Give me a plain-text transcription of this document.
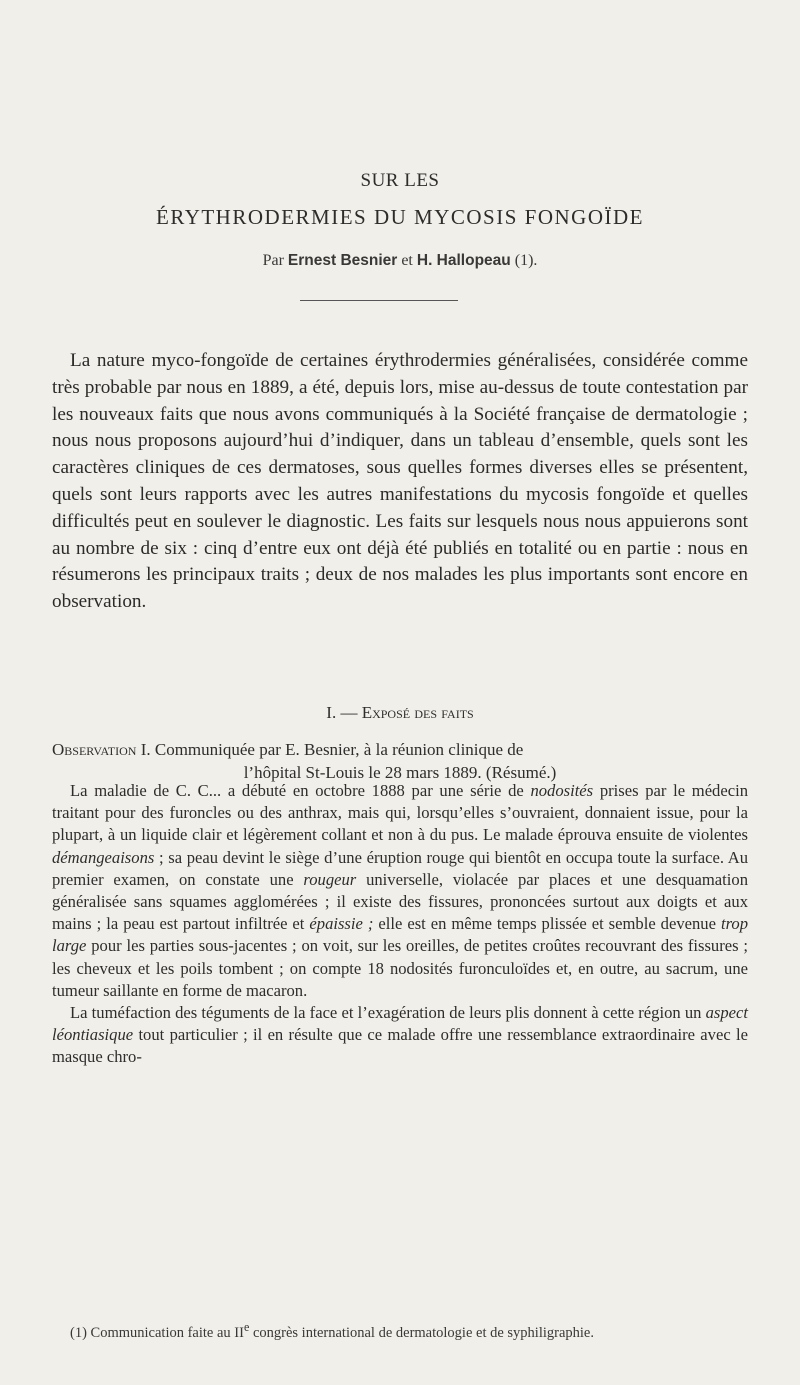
SUR LES
ÉRYTHRODERMIES DU MYCOSIS FONGOÏDE
Par Ernest Besnier et H. Hallopeau (1).

La nature myco-fongoïde de certaines érythrodermies généralisées, considérée comme très probable par nous en 1889, a été, depuis lors, mise au-dessus de toute contestation par les nouveaux faits que nous avons communiqués à la Société française de dermatologie ; nous nous proposons aujourd’hui d’indiquer, dans un tableau d’ensemble, quels sont les caractères cliniques de ces dermatoses, sous quelles formes diverses elles se présentent, quels sont leurs rapports avec les autres manifestations du mycosis fongoïde et quelles difficultés peut en soulever le diagnostic. Les faits sur lesquels nous nous appuierons sont au nombre de six : cinq d’entre eux ont déjà été publiés en totalité ou en partie : nous en résumerons les principaux traits ; deux de nos malades les plus importants sont encore en observation.

I. — Exposé des faits
Observation I. Communiquée par E. Besnier, à la réunion clinique de
l’hôpital St-Louis le 28 mars 1889. (Résumé.)

La maladie de C. C... a débuté en octobre 1888 par une série de nodosités prises par le médecin traitant pour des furoncles ou des anthrax, mais qui, lorsqu’elles s’ouvraient, donnaient issue, pour la plupart, à un liquide clair et légèrement collant et non à du pus. Le malade éprouva ensuite de violentes démangeaisons ; sa peau devint le siège d’une éruption rouge qui bientôt en occupa toute la surface. Au premier examen, on constate une rougeur universelle, violacée par places et une desquamation généralisée sans squames agglomérées ; il existe des fissures, prononcées surtout aux doigts et aux mains ; la peau est partout infiltrée et épaissie ; elle est en même temps plissée et semble devenue trop large pour les parties sous-jacentes ; on voit, sur les oreilles, de petites croûtes recouvrant des fissures ; les cheveux et les poils tombent ; on compte 18 nodosités furonculoïdes et, en outre, au sacrum, une tumeur saillante en forme de macaron.

La tuméfaction des téguments de la face et l’exagération de leurs plis donnent à cette région un aspect léontiasique tout particulier ; il en résulte que ce malade offre une ressemblance extraordinaire avec le masque chro-

(1) Communication faite au IIe congrès international de dermatologie et de syphiligraphie.
